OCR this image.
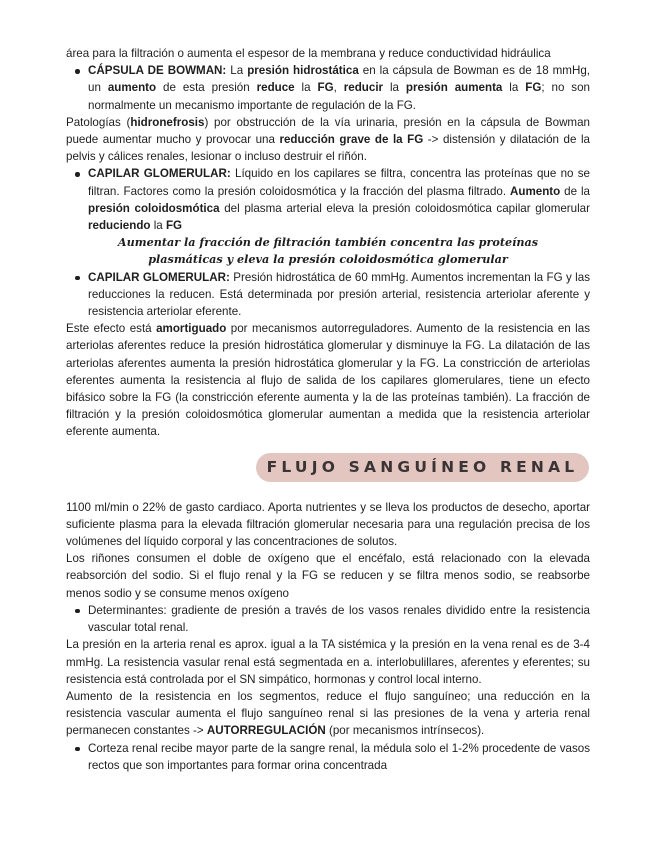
área para la filtración o aumenta el espesor de la membrana y reduce conductividad hidráulica

CÁPSULA DE BOWMAN: La presión hidrostática en la cápsula de Bowman es de 18 mmHg, un aumento de esta presión reduce la FG, reducir la presión aumenta la FG; no son normalmente un mecanismo importante de regulación de la FG.

Patologías (hidronefrosis) por obstrucción de la vía urinaria, presión en la cápsula de Bowman puede aumentar mucho y provocar una reducción grave de la FG -> distensión y dilatación de la pelvis y cálices renales, lesionar o incluso destruir el riñón.

CAPILAR GLOMERULAR: Líquido en los capilares se filtra, concentra las proteínas que no se filtran. Factores como la presión coloidosmótica y la fracción del plasma filtrado. Aumento de la presión coloidosmótica del plasma arterial eleva la presión coloidosmótica capilar glomerular reduciendo la FG

Aumentar la fracción de filtración también concentra las proteínas plasmáticas y eleva la presión coloidosmótica glomerular

CAPILAR GLOMERULAR: Presión hidrostática de 60 mmHg. Aumentos incrementan la FG y las reducciones la reducen. Está determinada por presión arterial, resistencia arteriolar aferente y resistencia arteriolar eferente.

Este efecto está amortiguado por mecanismos autorreguladores. Aumento de la resistencia en las arteriolas aferentes reduce la presión hidrostática glomerular y disminuye la FG. La dilatación de las arteriolas aferentes aumenta la presión hidrostática glomerular y la FG. La constricción de arteriolas eferentes aumenta la resistencia al flujo de salida de los capilares glomerulares, tiene un efecto bifásico sobre la FG (la constricción eferente aumenta y la de las proteínas también). La fracción de filtración y la presión coloidosmótica glomerular aumentan a medida que la resistencia arteriolar eferente aumenta.

FLUJO SANGUÍNEO RENAL

1100 ml/min o 22% de gasto cardiaco. Aporta nutrientes y se lleva los productos de desecho, aportar suficiente plasma para la elevada filtración glomerular necesaria para una regulación precisa de los volúmenes del líquido corporal y las concentraciones de solutos.

Los riñones consumen el doble de oxígeno que el encéfalo, está relacionado con la elevada reabsorción del sodio. Si el flujo renal y la FG se reducen y se filtra menos sodio, se reabsorbe menos sodio y se consume menos oxígeno

Determinantes: gradiente de presión a través de los vasos renales dividido entre la resistencia vascular total renal.

La presión en la arteria renal es aprox. igual a la TA sistémica y la presión en la vena renal es de 3-4 mmHg. La resistencia vasular renal está segmentada en a. interlobulillares, aferentes y eferentes; su resistencia está controlada por el SN simpático, hormonas y control local interno.

Aumento de la resistencia en los segmentos, reduce el flujo sanguíneo; una reducción en la resistencia vascular aumenta el flujo sanguíneo renal si las presiones de la vena y arteria renal permanecen constantes -> AUTORREGULACIÓN (por mecanismos intrínsecos).

Corteza renal recibe mayor parte de la sangre renal, la médula solo el 1-2% procedente de vasos rectos que son importantes para formar orina concentrada
